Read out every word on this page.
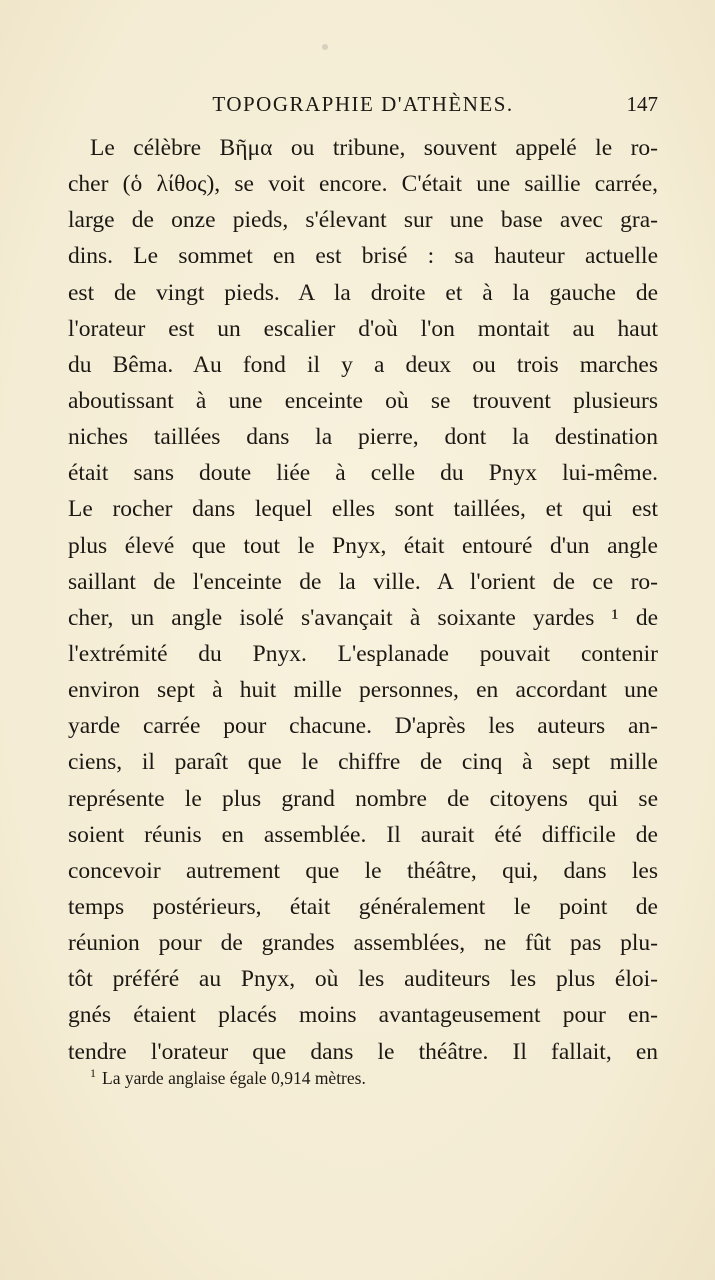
TOPOGRAPHIE D'ATHÈNES.	147
Le célèbre Βῆμα ou tribune, souvent appelé le ro-
cher (ὁ λίθος), se voit encore. C'était une saillie carrée,
large de onze pieds, s'élevant sur une base avec gra-
dins. Le sommet en est brisé : sa hauteur actuelle
est de vingt pieds. A la droite et à la gauche de
l'orateur est un escalier d'où l'on montait au haut
du Bêma. Au fond il y a deux ou trois marches
aboutissant à une enceinte où se trouvent plusieurs
niches taillées dans la pierre, dont la destination
était sans doute liée à celle du Pnyx lui-même.
Le rocher dans lequel elles sont taillées, et qui est
plus élevé que tout le Pnyx, était entouré d'un angle
saillant de l'enceinte de la ville. A l'orient de ce ro-
cher, un angle isolé s'avançait à soixante yardes ¹ de
l'extrémité du Pnyx. L'esplanade pouvait contenir
environ sept à huit mille personnes, en accordant une
yarde carrée pour chacune. D'après les auteurs an-
ciens, il paraît que le chiffre de cinq à sept mille
représente le plus grand nombre de citoyens qui se
soient réunis en assemblée. Il aurait été difficile de
concevoir autrement que le théâtre, qui, dans les
temps postérieurs, était généralement le point de
réunion pour de grandes assemblées, ne fût pas plu-
tôt préféré au Pnyx, où les auditeurs les plus éloi-
gnés étaient placés moins avantageusement pour en-
tendre l'orateur que dans le théâtre. Il fallait, en
$^1$ La yarde anglaise égale 0,914 mètres.
